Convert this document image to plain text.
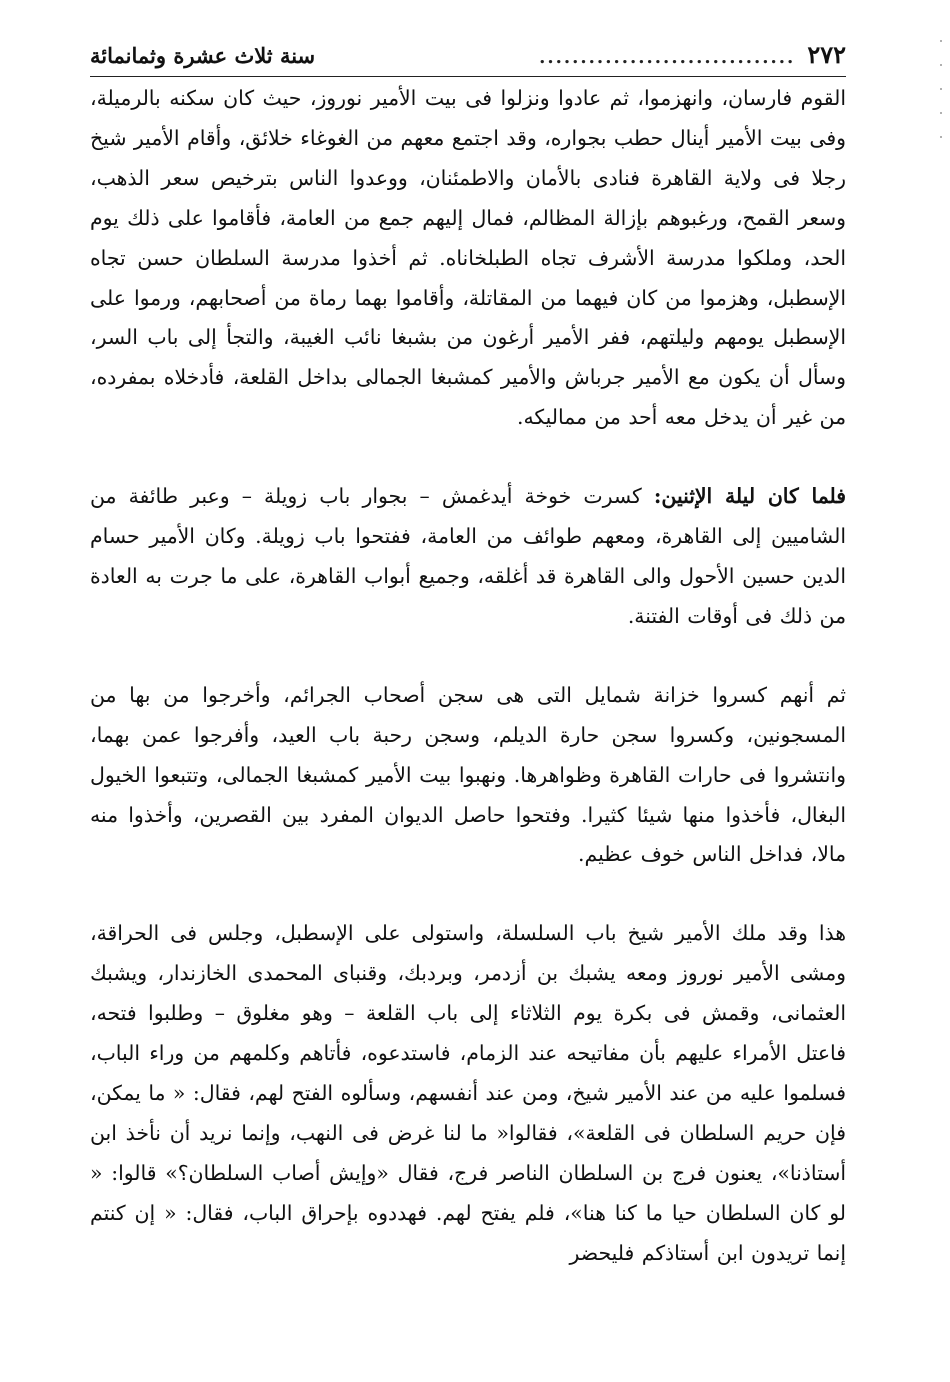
٢٧٢
...............................
سنة ثلاث عشرة وثمانمائة

القوم فارسان، وانهزموا، ثم عادوا ونزلوا فى بيت الأمير نوروز، حيث كان سكنه بالرميلة، وفى بيت الأمير أينال حطب بجواره، وقد اجتمع معهم من الغوغاء خلائق، وأقام الأمير شيخ رجلا فى ولاية القاهرة فنادى بالأمان والاطمئنان، ووعدوا الناس بترخيص سعر الذهب، وسعر القمح، ورغبوهم بإزالة المظالم، فمال إليهم جمع من العامة، فأقاموا على ذلك يوم الحد، وملكوا مدرسة الأشرف تجاه الطبلخاناه. ثم أخذوا مدرسة السلطان حسن تجاه الإسطبل، وهزموا من كان فيهما من المقاتلة، وأقاموا بهما رماة من أصحابهم، ورموا على الإسطبل يومهم وليلتهم، ففر الأمير أرغون من بشبغا نائب الغيبة، والتجأ إلى باب السر، وسأل أن يكون مع الأمير جرباش والأمير كمشبغا الجمالى بداخل القلعة، فأدخلاه بمفرده، من غير أن يدخل معه أحد من مماليكه.

فلما كان ليلة الإثنين: كسرت خوخة أيدغمش – بجوار باب زويلة – وعبر طائفة من الشاميين إلى القاهرة، ومعهم طوائف من العامة، ففتحوا باب زويلة. وكان الأمير حسام الدين حسين الأحول والى القاهرة قد أغلقه، وجميع أبواب القاهرة، على ما جرت به العادة من ذلك فى أوقات الفتنة.

ثم أنهم كسروا خزانة شمايل التى هى سجن أصحاب الجرائم، وأخرجوا من بها من المسجونين، وكسروا سجن حارة الديلم، وسجن رحبة باب العيد، وأفرجوا عمن بهما، وانتشروا فى حارات القاهرة وظواهرها. ونهبوا بيت الأمير كمشبغا الجمالى، وتتبعوا الخيول البغال، فأخذوا منها شيئا كثيرا. وفتحوا حاصل الديوان المفرد بين القصرين، وأخذوا منه مالا، فداخل الناس خوف عظيم.

هذا وقد ملك الأمير شيخ باب السلسلة، واستولى على الإسطبل، وجلس فى الحراقة، ومشى الأمير نوروز ومعه يشبك بن أزدمر، وبردبك، وقنباى المحمدى الخازندار، ويشبك العثمانى، وقمش فى بكرة يوم الثلاثاء إلى باب القلعة – وهو مغلوق – وطلبوا فتحه، فاعتل الأمراء عليهم بأن مفاتيحه عند الزمام، فاستدعوه، فأتاهم وكلمهم من وراء الباب، فسلموا عليه من عند الأمير شيخ، ومن عند أنفسهم، وسألوه الفتح لهم، فقال: « ما يمكن، فإن حريم السلطان فى القلعة»، فقالوا« ما لنا غرض فى النهب، وإنما نريد أن نأخذ ابن أستاذنا»، يعنون فرج بن السلطان الناصر فرج، فقال «وإيش أصاب السلطان؟» قالوا: « لو كان السلطان حيا ما كنا هنا»، فلم يفتح لهم. فهددوه بإحراق الباب، فقال: « إن كنتم إنما تريدون ابن أستاذكم فليحضر
